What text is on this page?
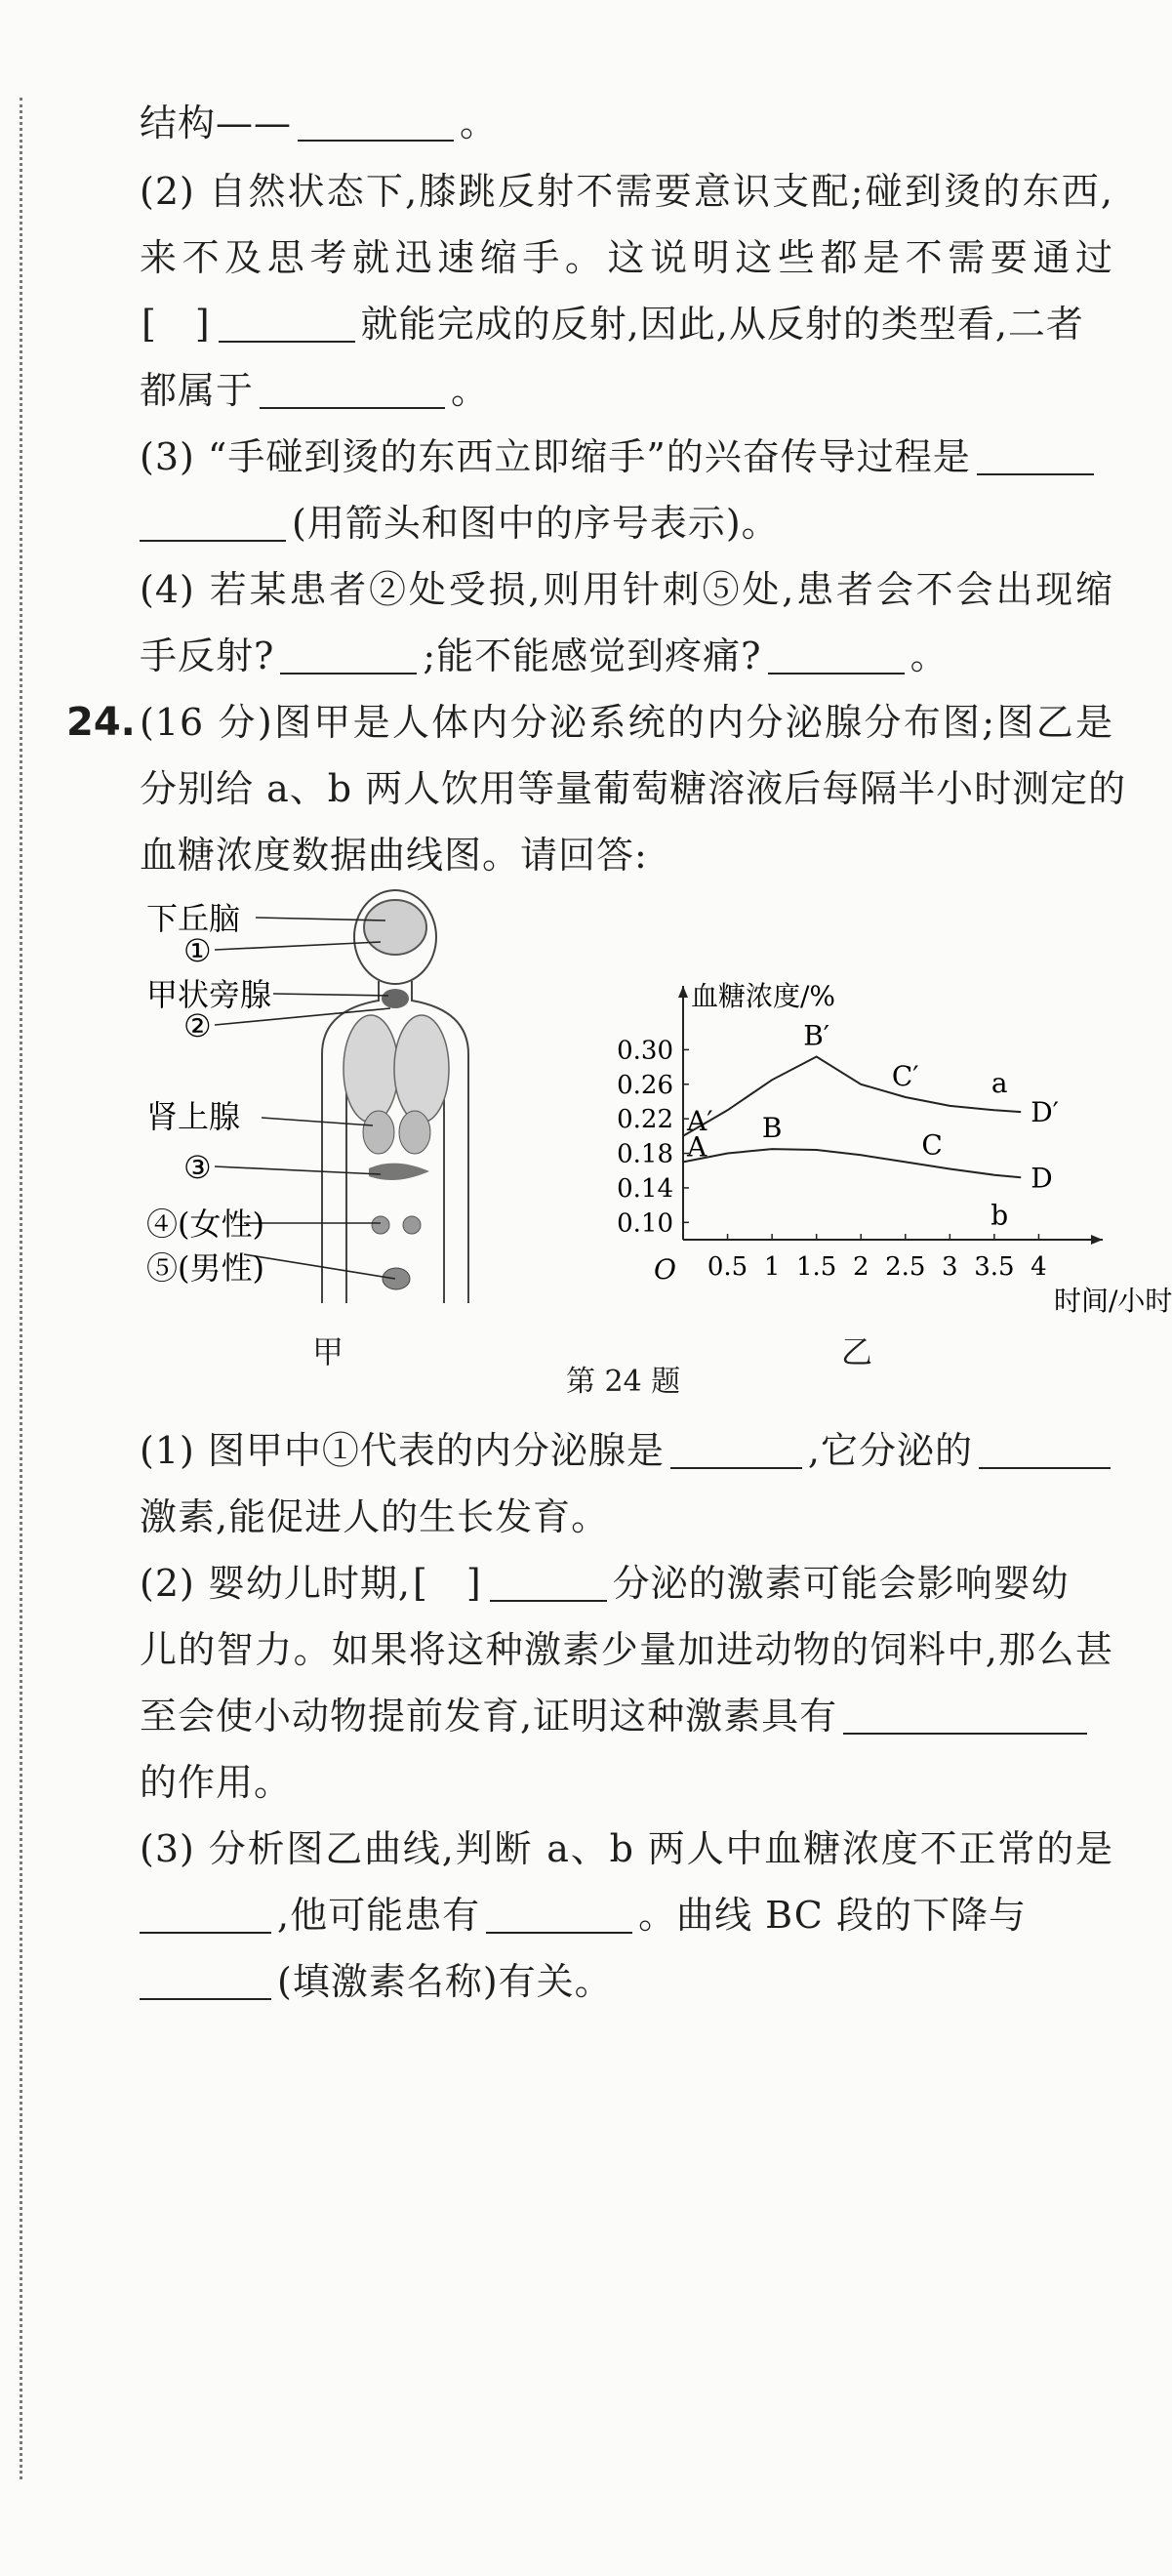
结构——	。
(2) 自然状态下,膝跳反射不需要意识支配;碰到烫的东西,
来不及思考就迅速缩手。这说明这些都是不需要通过
[　]	就能完成的反射,因此,从反射的类型看,二者
都属于	。
(3) “手碰到烫的东西立即缩手”的兴奋传导过程是
(用箭头和图中的序号表示)。
(4) 若某患者②处受损,则用针刺⑤处,患者会不会出现缩
手反射?	;能不能感觉到疼痛?	。
24. (16 分)图甲是人体内分泌系统的内分泌腺分布图;图乙是
分别给 a、b 两人饮用等量葡萄糖溶液后每隔半小时测定的
血糖浓度数据曲线图。请回答:
下丘脑
①
甲状旁腺
②
肾上腺
③
④(女性)
⑤(男性)
甲
血糖浓度/%
时间/小时
O 0.5 1 1.5 2 2.5 3 3.5 4
0.10
0.14
0.18
0.22
0.26
0.30
A′
B′
C′
D′
a
A
B
C
D
b
乙
第 24 题
(1) 图甲中①代表的内分泌腺是	,它分泌的
激素,能促进人的生长发育。
(2) 婴幼儿时期,[　]	分泌的激素可能会影响婴幼
儿的智力。如果将这种激素少量加进动物的饲料中,那么甚
至会使小动物提前发育,证明这种激素具有
的作用。
(3) 分析图乙曲线,判断 a、b 两人中血糖浓度不正常的是
,他可能患有	。曲线 BC 段的下降与
(填激素名称)有关。
